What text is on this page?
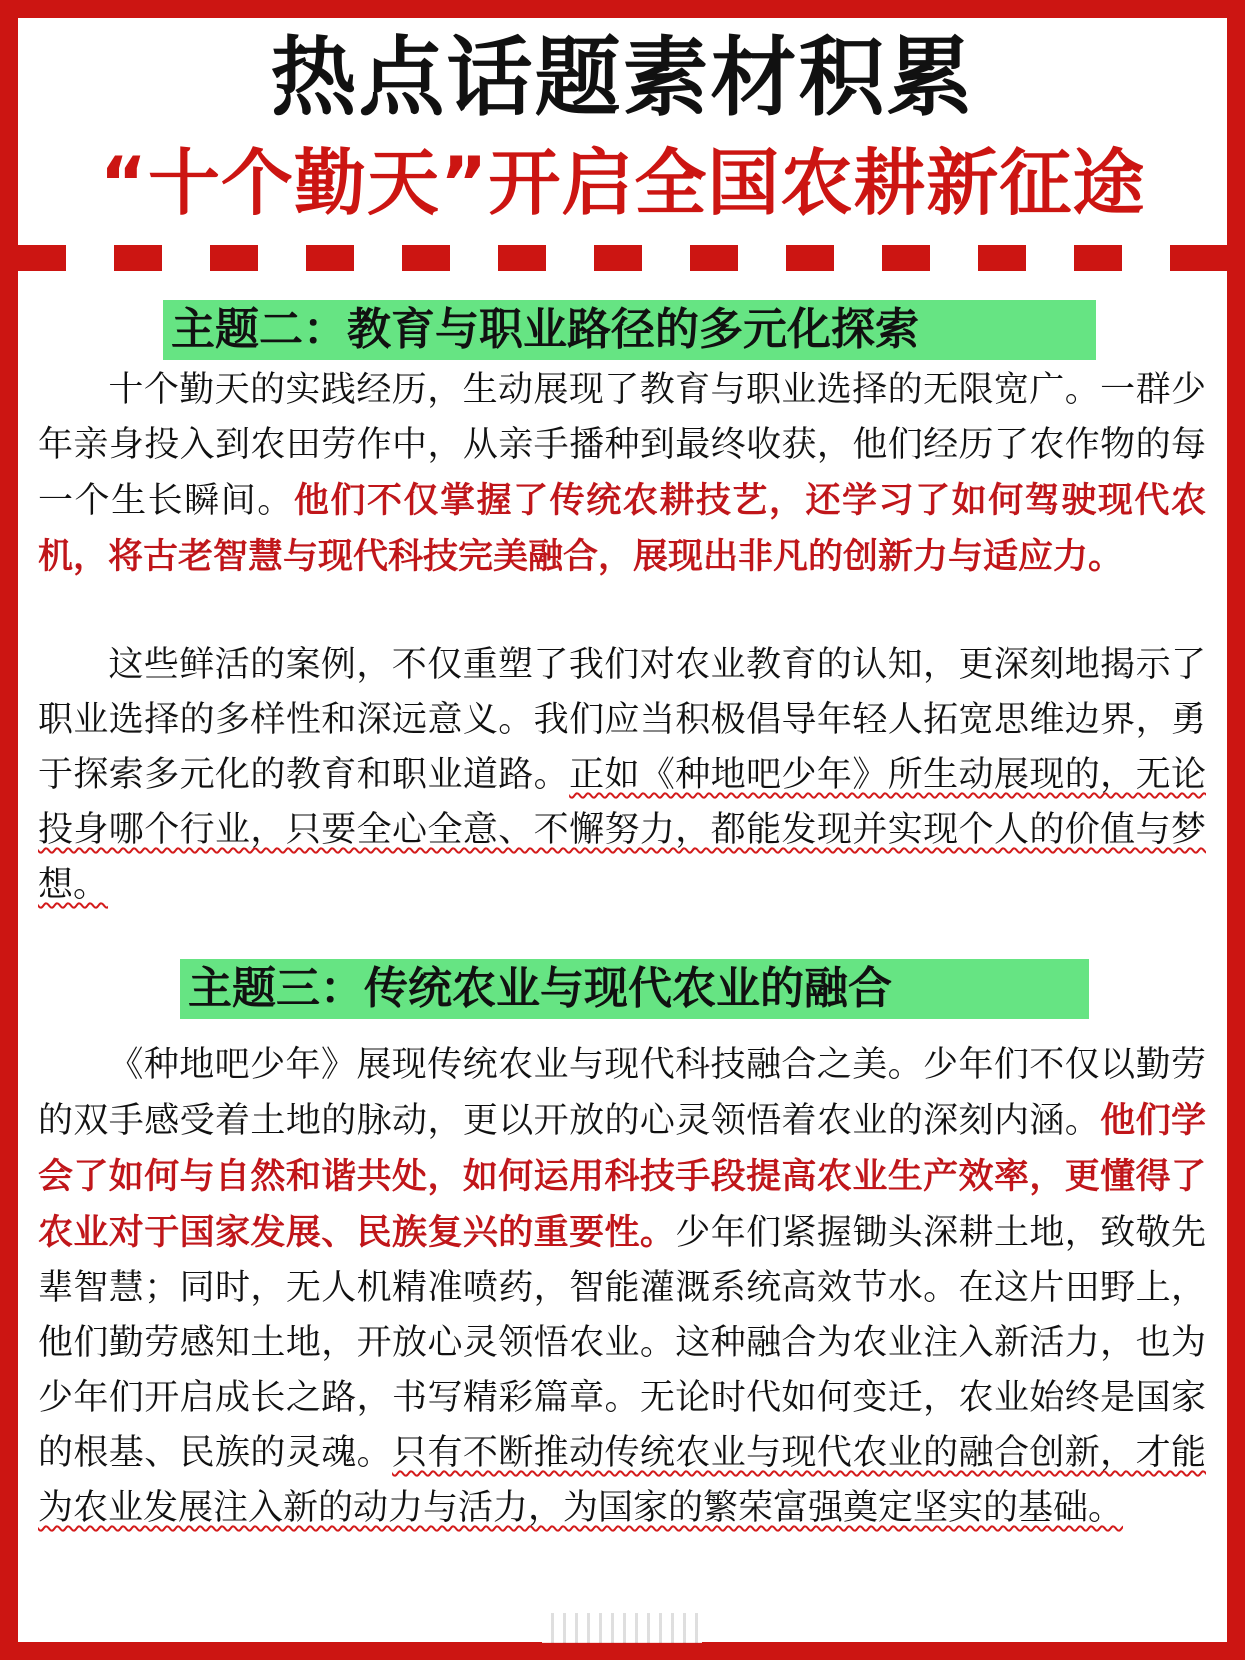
热点话题素材积累
“十个勤天”开启全国农耕新征途
主题二：教育与职业路径的多元化探索

十个勤天的实践经历，生动展现了教育与职业选择的无限宽广。一群少年亲身投入到农田劳作中，从亲手播种到最终收获，他们经历了农作物的每一个生长瞬间。他们不仅掌握了传统农耕技艺，还学习了如何驾驶现代农机，将古老智慧与现代科技完美融合，展现出非凡的创新力与适应力。

这些鲜活的案例，不仅重塑了我们对农业教育的认知，更深刻地揭示了职业选择的多样性和深远意义。我们应当积极倡导年轻人拓宽思维边界，勇于探索多元化的教育和职业道路。正如《种地吧少年》所生动展现的，无论投身哪个行业，只要全心全意、不懈努力，都能发现并实现个人的价值与梦想。

主题三：传统农业与现代农业的融合

《种地吧少年》展现传统农业与现代科技融合之美。少年们不仅以勤劳的双手感受着土地的脉动，更以开放的心灵领悟着农业的深刻内涵。他们学会了如何与自然和谐共处，如何运用科技手段提高农业生产效率，更懂得了农业对于国家发展、民族复兴的重要性。少年们紧握锄头深耕土地，致敬先辈智慧；同时，无人机精准喷药，智能灌溉系统高效节水。在这片田野上，他们勤劳感知土地，开放心灵领悟农业。这种融合为农业注入新活力，也为少年们开启成长之路，书写精彩篇章。无论时代如何变迁，农业始终是国家的根基、民族的灵魂。只有不断推动传统农业与现代农业的融合创新，才能为农业发展注入新的动力与活力，为国家的繁荣富强奠定坚实的基础。
